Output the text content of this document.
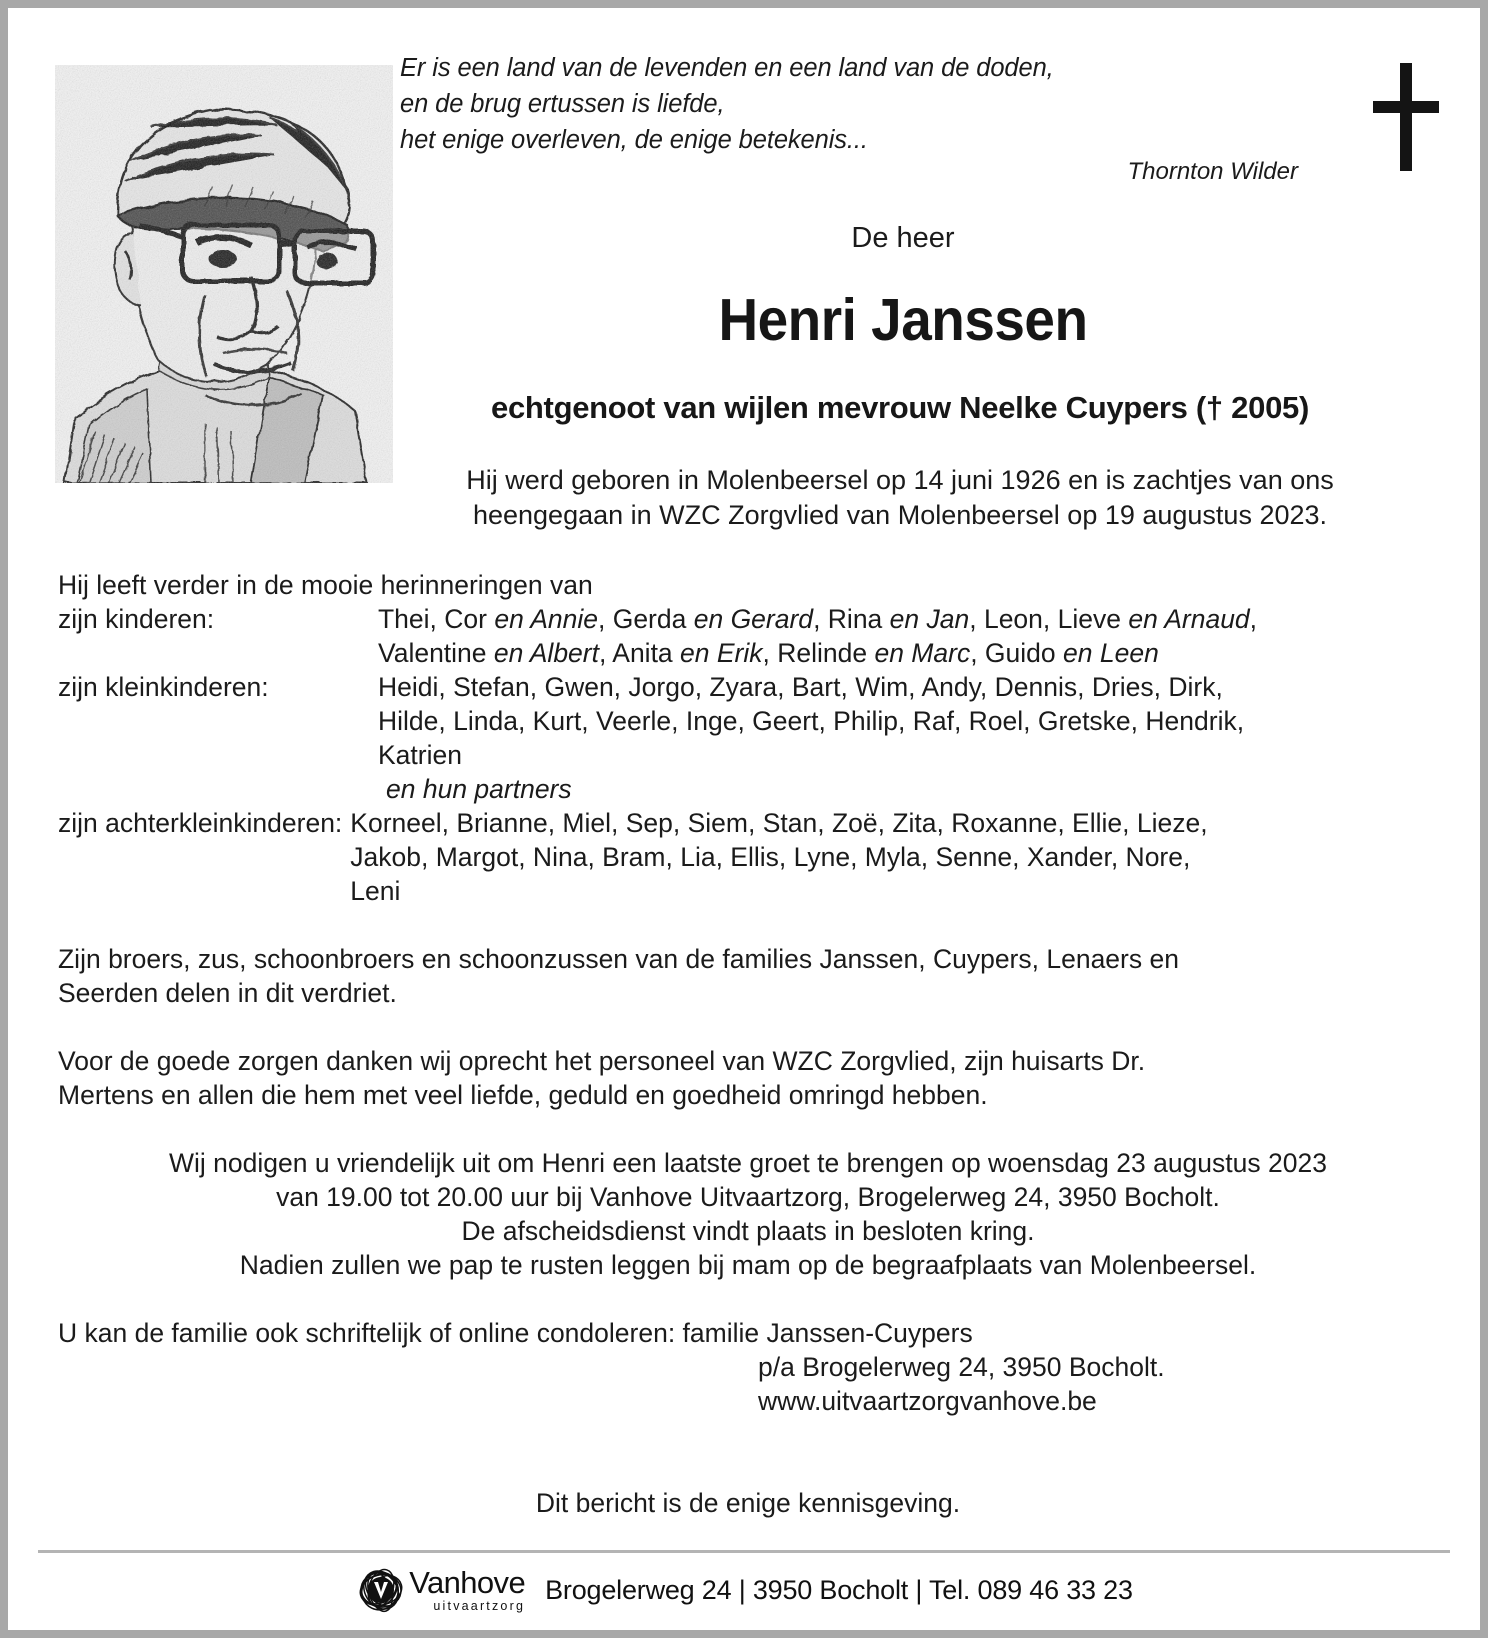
Er is een land van de levenden en een land van de doden,
en de brug ertussen is liefde,
het enige overleven, de enige betekenis...
Thornton Wilder
De heer
Henri Janssen
echtgenoot van wijlen mevrouw Neelke Cuypers († 2005)
Hij werd geboren in Molenbeersel op 14 juni 1926 en is zachtjes van ons
heengegaan in WZC Zorgvlied van Molenbeersel op 19 augustus 2023.
Hij leeft verder in de mooie herinneringen van
zijn kinderen:	Thei, Cor en Annie, Gerda en Gerard, Rina en Jan, Leon, Lieve en Arnaud,
Valentine en Albert, Anita en Erik, Relinde en Marc, Guido en Leen
zijn kleinkinderen:	Heidi, Stefan, Gwen, Jorgo, Zyara, Bart, Wim, Andy, Dennis, Dries, Dirk,
Hilde, Linda, Kurt, Veerle, Inge, Geert, Philip, Raf, Roel, Gretske, Hendrik,
Katrien
en hun partners
zijn achterkleinkinderen: Korneel, Brianne, Miel, Sep, Siem, Stan, Zoë, Zita, Roxanne, Ellie, Lieze,
Jakob, Margot, Nina, Bram, Lia, Ellis, Lyne, Myla, Senne, Xander, Nore,
Leni
Zijn broers, zus, schoonbroers en schoonzussen van de families Janssen, Cuypers, Lenaers en
Seerden delen in dit verdriet.
Voor de goede zorgen danken wij oprecht het personeel van WZC Zorgvlied, zijn huisarts Dr.
Mertens en allen die hem met veel liefde, geduld en goedheid omringd hebben.
Wij nodigen u vriendelijk uit om Henri een laatste groet te brengen op woensdag 23 augustus 2023
van 19.00 tot 20.00 uur bij Vanhove Uitvaartzorg, Brogelerweg 24, 3950 Bocholt.
De afscheidsdienst vindt plaats in besloten kring.
Nadien zullen we pap te rusten leggen bij mam op de begraafplaats van Molenbeersel.
U kan de familie ook schriftelijk of online condoleren: familie Janssen-Cuypers
p/a Brogelerweg 24, 3950 Bocholt.
www.uitvaartzorgvanhove.be
Dit bericht is de enige kennisgeving.
Vanhove
uitvaartzorg
Brogelerweg 24 | 3950 Bocholt | Tel. 089 46 33 23
